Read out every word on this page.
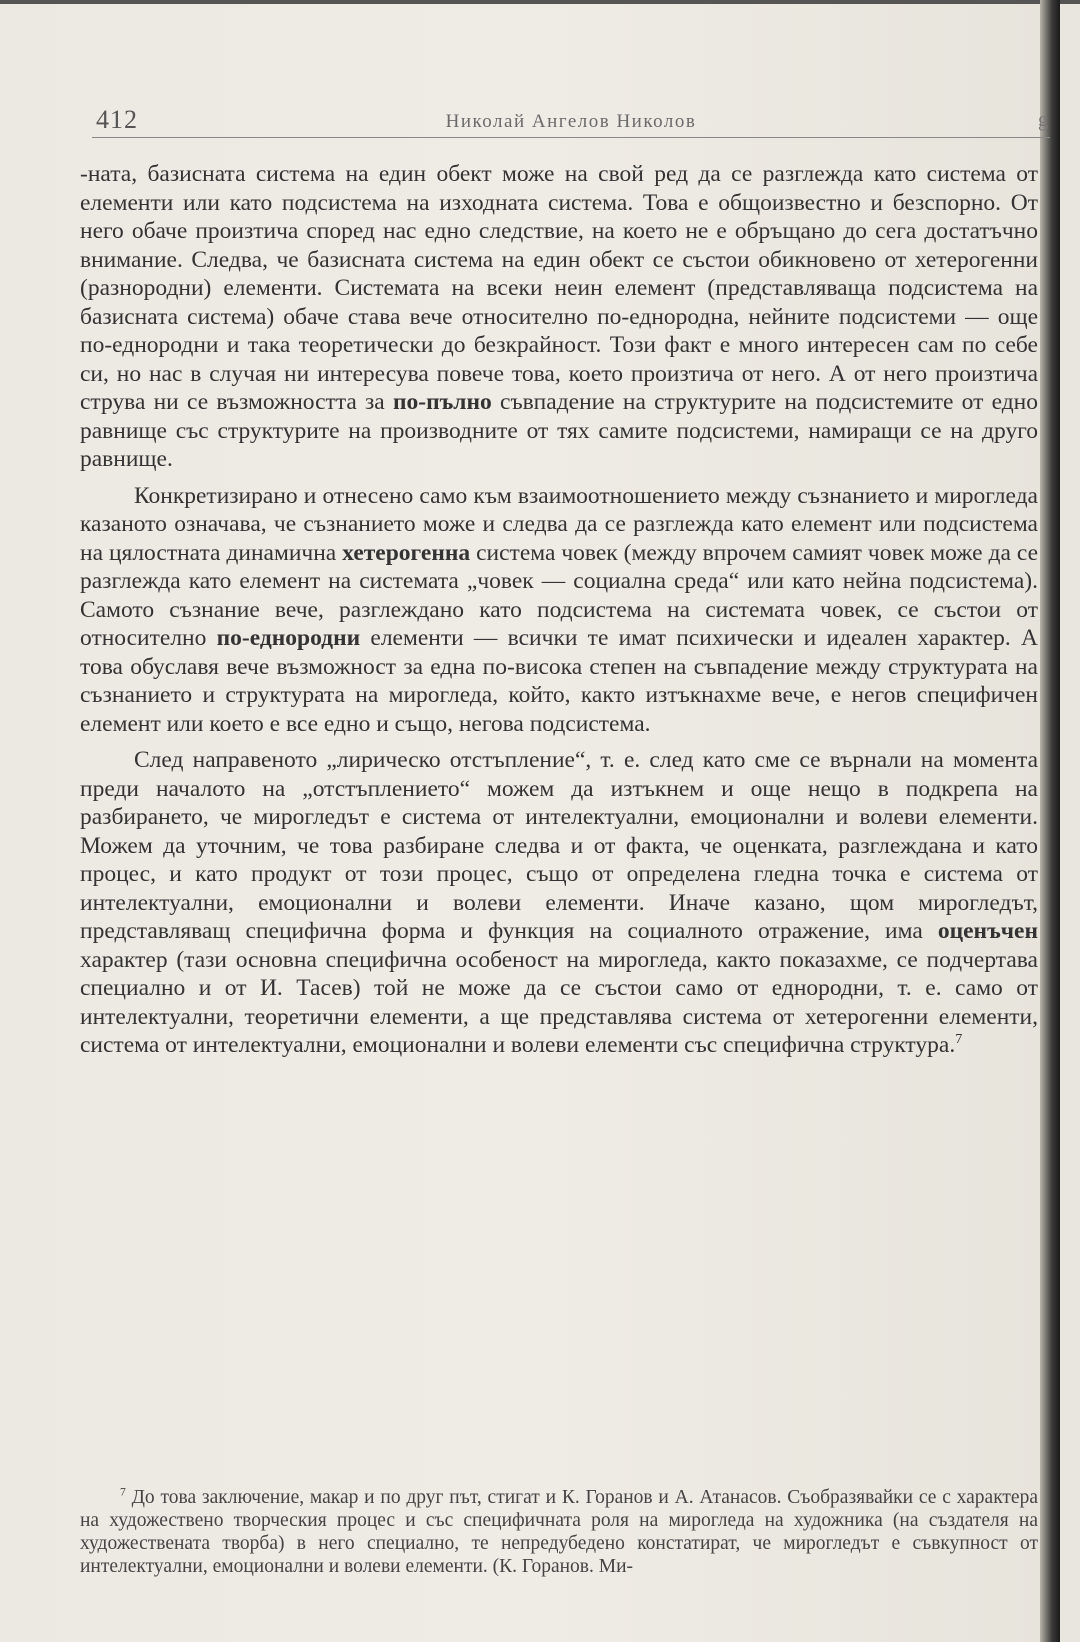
412	Николай Ангелов Николов	g

-ната, базисната система на един обект може на свой ред да се разглежда като система от елементи или като подсистема на изходната система. Това е общоизвестно и безспорно. От него обаче произтича според нас едно следствие, на което не е обръщано до сега достатъчно внимание. Следва, че базисната система на един обект се състои обикновено от хетерогенни (разнородни) елементи. Системата на всеки неин елемент (представляваща подсистема на базисната система) обаче става вече относително по-еднородна, нейните подсистеми — още по-еднородни и така теоретически до безкрайност. Този факт е много интересен сам по себе си, но нас в случая ни интересува повече това, което произтича от него. А от него произтича струва ни се възможността за по-пълно съвпадение на структурите на подсистемите от едно равнище със структурите на производните от тях самите подсистеми, намиращи се на друго равнище.

Конкретизирано и отнесено само към взаимоотношението между съзнанието и мирогледа казаното означава, че съзнанието може и следва да се разглежда като елемент или подсистема на цялостната динамична хетерогенна система човек (между впрочем самият човек може да се разглежда като елемент на системата „човек — социална среда“ или като нейна подсистема). Самото съзнание вече, разглеждано като подсистема на системата човек, се състои от относително по-еднородни елементи — всички те имат психически и идеален характер. А това обуславя вече възможност за една по-висока степен на съвпадение между структурата на съзнанието и структурата на мирогледа, който, както изтъкнахме вече, е негов специфичен елемент или което е все едно и също, негова подсистема.

След направеното „лирическо отстъпление“, т. е. след като сме се върнали на момента преди началото на „отстъплението“ можем да изтъкнем и още нещо в подкрепа на разбирането, че мирогледът е система от интелектуални, емоционални и волеви елементи. Можем да уточним, че това разбиране следва и от факта, че оценката, разглеждана и като процес, и като продукт от този процес, също от определена гледна точка е система от интелектуални, емоционални и волеви елементи. Иначе казано, щом мирогледът, представляващ специфична форма и функция на социалното отражение, има оценъчен характер (тази основна специфична особеност на мирогледа, както показахме, се подчертава специално и от И. Тасев) той не може да се състои само от еднородни, т. е. само от интелектуални, теоретични елементи, а ще представлява система от хетерогенни елементи, система от интелектуални, емоционални и волеви елементи със специфична структура.$^7$

$^7$ До това заключение, макар и по друг път, стигат и К. Горанов и А. Атанасов. Съобразявайки се с характера на художествено творческия процес и със специфичната роля на мирогледа на художника (на създателя на художествената творба) в него специално, те непредубедено констатират, че мирогледът е съвкупност от интелектуални, емоционални и волеви елементи. (К. Горанов. Ми-
